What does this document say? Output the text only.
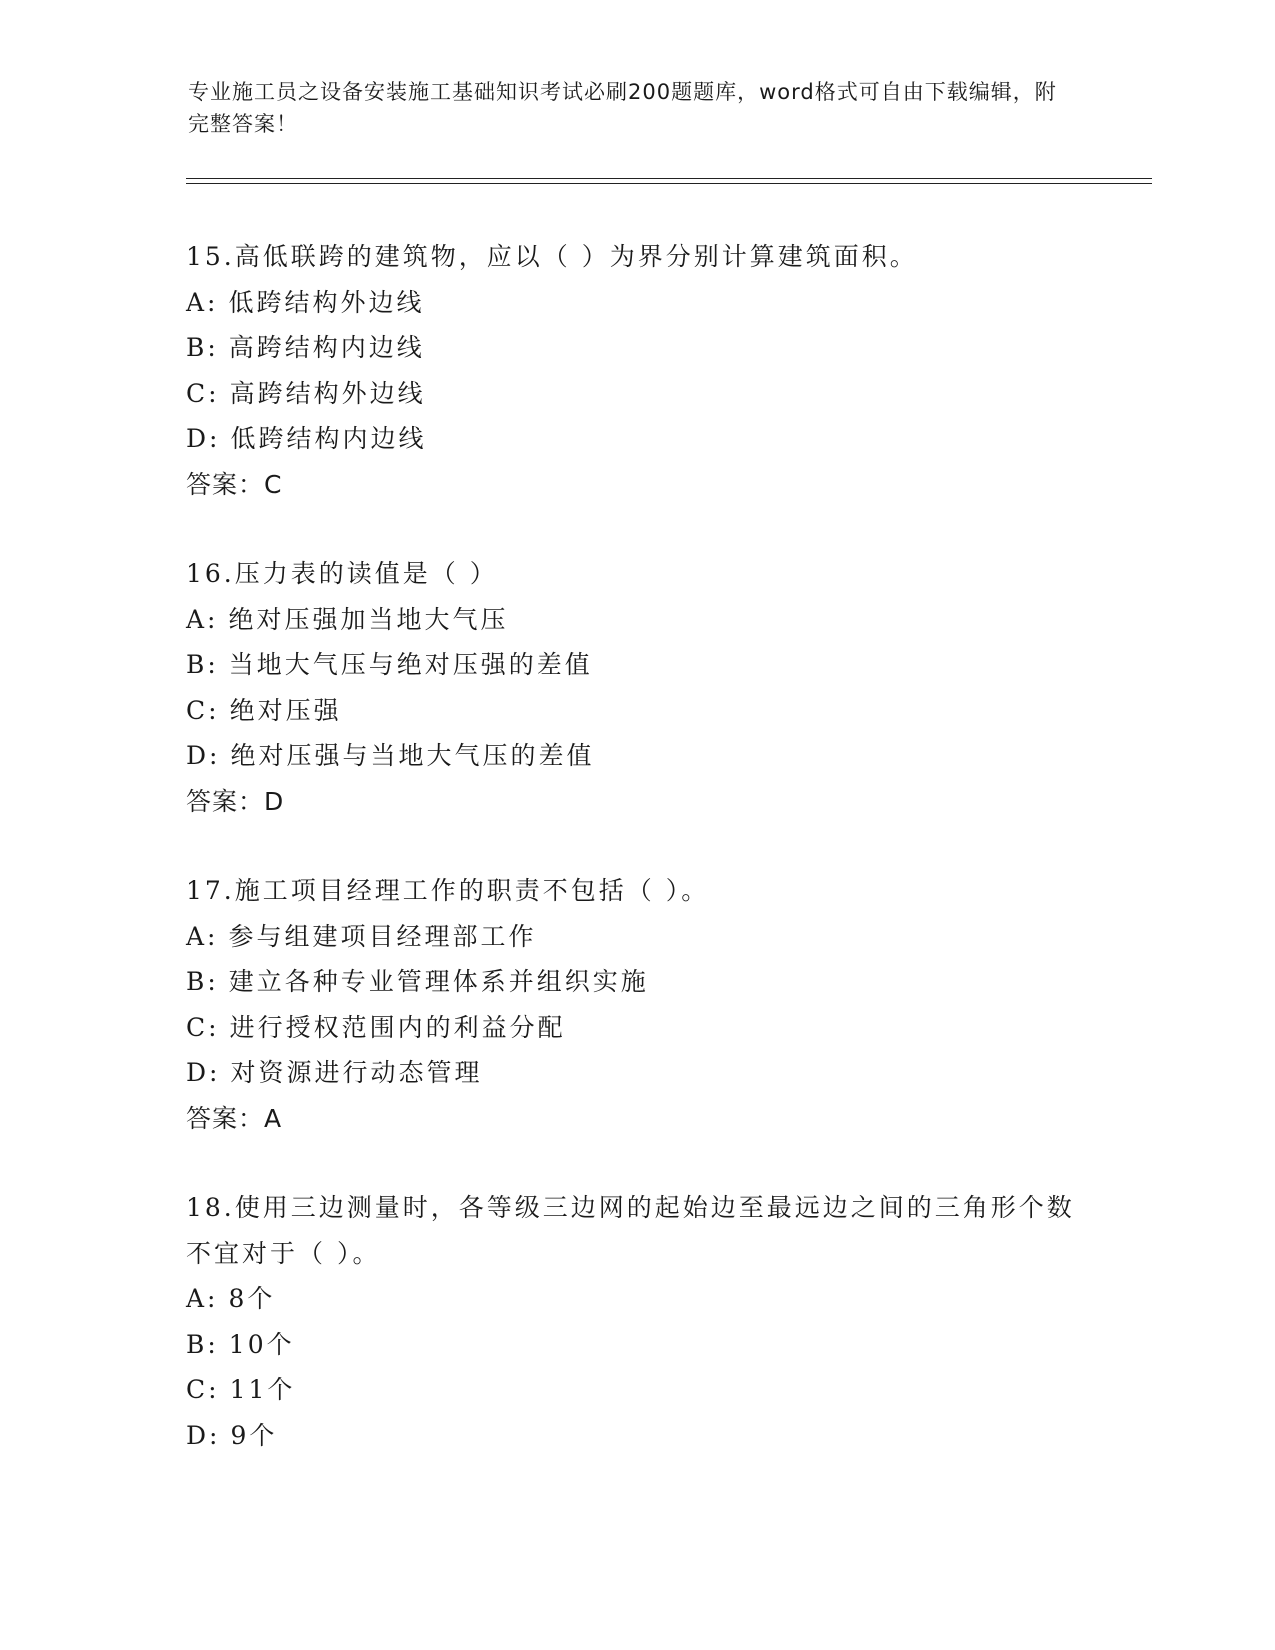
专业施工员之设备安装施工基础知识考试必刷200题题库，word格式可自由下载编辑，附完整答案！

15.高低联跨的建筑物，应以（ ）为界分别计算建筑面积。

A: 低跨结构外边线

B: 高跨结构内边线

C: 高跨结构外边线

D: 低跨结构内边线

答案：C

16.压力表的读值是（ ）

A: 绝对压强加当地大气压

B: 当地大气压与绝对压强的差值

C: 绝对压强

D: 绝对压强与当地大气压的差值

答案：D

17.施工项目经理工作的职责不包括（ ）。

A: 参与组建项目经理部工作

B: 建立各种专业管理体系并组织实施

C: 进行授权范围内的利益分配

D: 对资源进行动态管理

答案：A

18.使用三边测量时，各等级三边网的起始边至最远边之间的三角形个数不宜对于（ ）。

A: 8个

B: 10个

C: 11个

D: 9个
